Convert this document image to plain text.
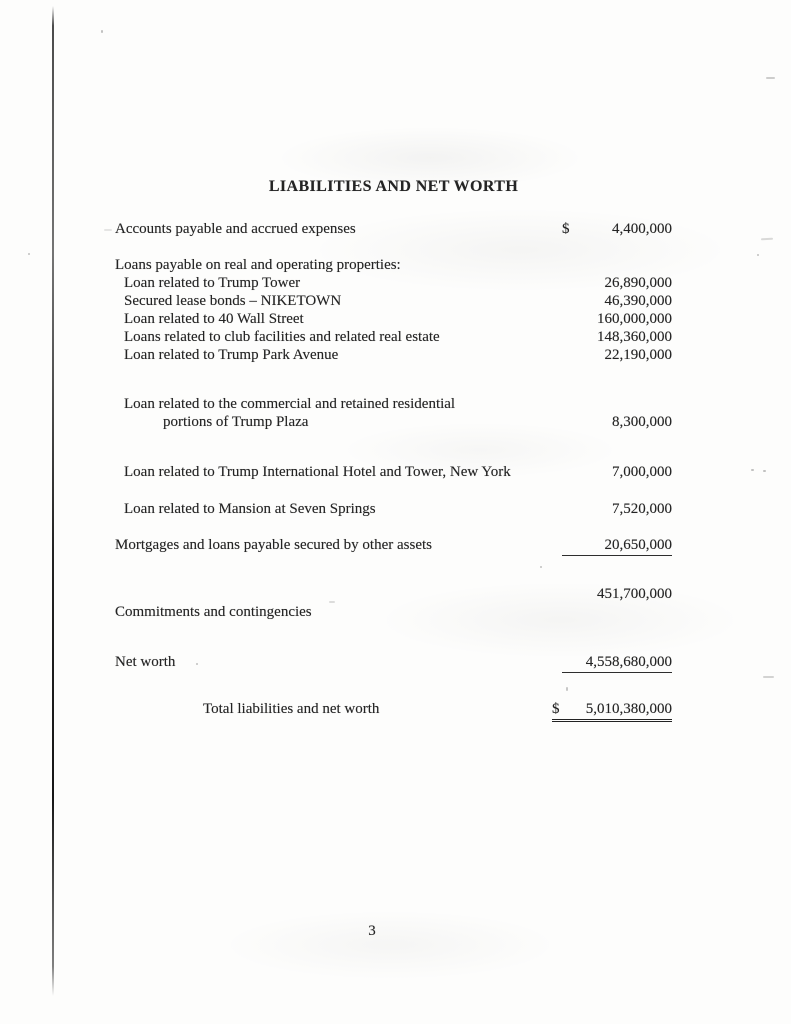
LIABILITIES AND NET WORTH
Accounts payable and accrued expenses	$	4,400,000
Loans payable on real and operating properties:
Loan related to Trump Tower	26,890,000
Secured lease bonds – NIKETOWN	46,390,000
Loan related to 40 Wall Street	160,000,000
Loans related to club facilities and related real estate	148,360,000
Loan related to Trump Park Avenue	22,190,000
Loan related to the commercial and retained residential
portions of Trump Plaza	8,300,000
Loan related to Trump International Hotel and Tower, New York	7,000,000
Loan related to Mansion at Seven Springs	7,520,000
Mortgages and loans payable secured by other assets	20,650,000
451,700,000
Commitments and contingencies
Net worth	4,558,680,000
Total liabilities and net worth	$	5,010,380,000
3
